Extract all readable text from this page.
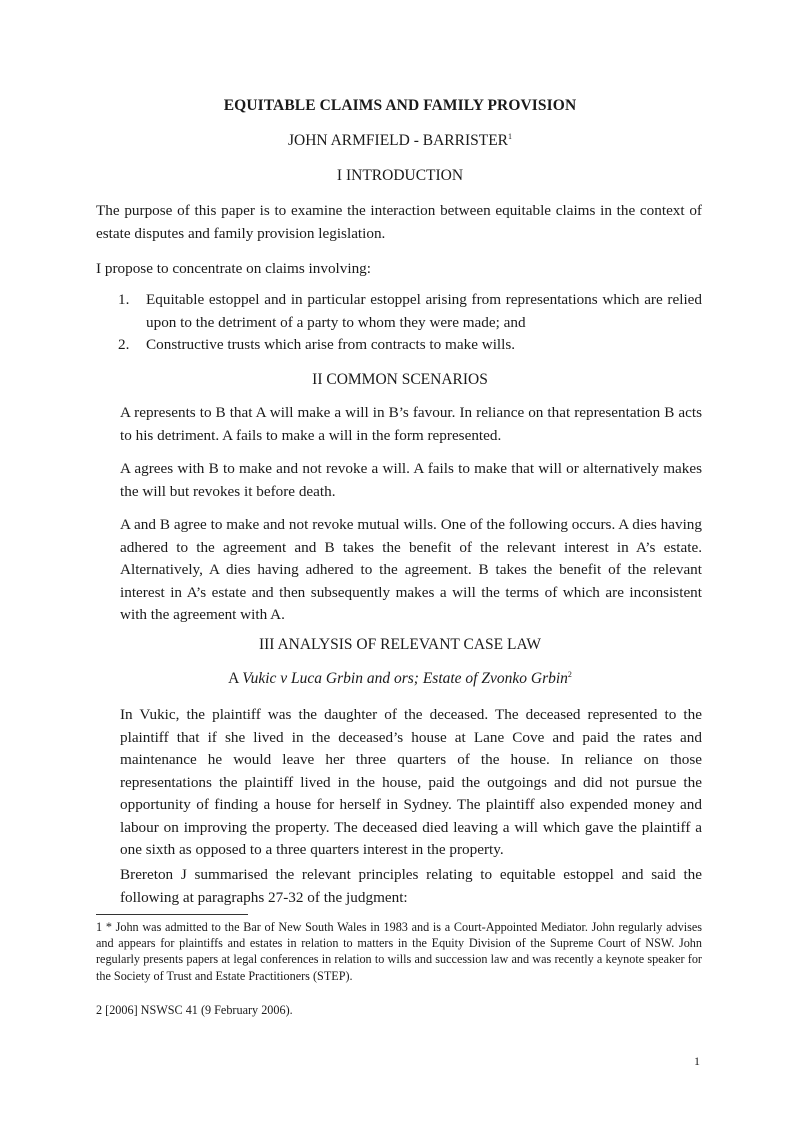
EQUITABLE CLAIMS AND FAMILY PROVISION
JOHN ARMFIELD - BARRISTER$^1$
I INTRODUCTION
The purpose of this paper is to examine the interaction between equitable claims in the context of estate disputes and family provision legislation.
I propose to concentrate on claims involving:
1. Equitable estoppel and in particular estoppel arising from representations which are relied upon to the detriment of a party to whom they were made; and
2. Constructive trusts which arise from contracts to make wills.
II COMMON SCENARIOS
A represents to B that A will make a will in B’s favour. In reliance on that representation B acts to his detriment. A fails to make a will in the form represented.
A agrees with B to make and not revoke a will. A fails to make that will or alternatively makes the will but revokes it before death.
A and B agree to make and not revoke mutual wills. One of the following occurs. A dies having adhered to the agreement and B takes the benefit of the relevant interest in A’s estate. Alternatively, A dies having adhered to the agreement. B takes the benefit of the relevant interest in A’s estate and then subsequently makes a will the terms of which are inconsistent with the agreement with A.
III ANALYSIS OF RELEVANT CASE LAW
A Vukic v Luca Grbin and ors; Estate of Zvonko Grbin$^2$
In Vukic, the plaintiff was the daughter of the deceased. The deceased represented to the plaintiff that if she lived in the deceased’s house at Lane Cove and paid the rates and maintenance he would leave her three quarters of the house. In reliance on those representations the plaintiff lived in the house, paid the outgoings and did not pursue the opportunity of finding a house for herself in Sydney. The plaintiff also expended money and labour on improving the property. The deceased died leaving a will which gave the plaintiff a one sixth as opposed to a three quarters interest in the property.
Brereton J summarised the relevant principles relating to equitable estoppel and said the following at paragraphs 27-32 of the judgment:
1 * John was admitted to the Bar of New South Wales in 1983 and is a Court-Appointed Mediator. John regularly advises and appears for plaintiffs and estates in relation to matters in the Equity Division of the Supreme Court of NSW. John regularly presents papers at legal conferences in relation to wills and succession law and was recently a keynote speaker for the Society of Trust and Estate Practitioners (STEP).
2 [2006] NSWSC 41 (9 February 2006).
1
